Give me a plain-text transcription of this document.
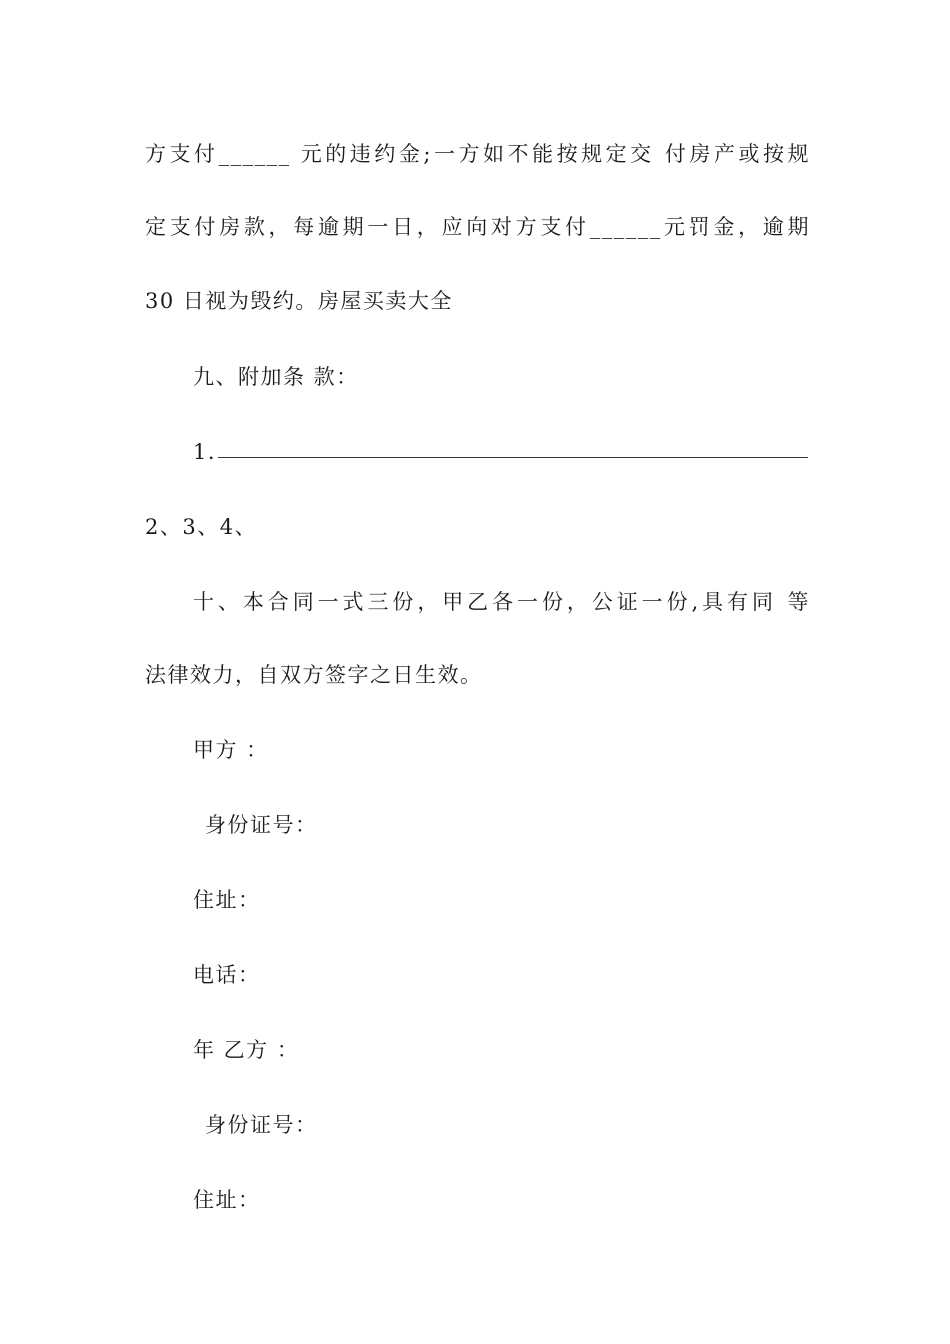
方支付______ 元的违约金;一方如不能按规定交 付房产或按规
定支付房款，每逾期一日，应向对方支付______元罚金，逾期
30 日视为毁约。房屋买卖大全
九、附加条 款：
1.
2、3、4、
十、本合同一式三份，甲乙各一份，公证一份,具有同 等
法律效力，自双方签字之日生效。
甲方 ：
身份证号：
住址：
电话：
年 乙方 ：
身份证号：
住址：
